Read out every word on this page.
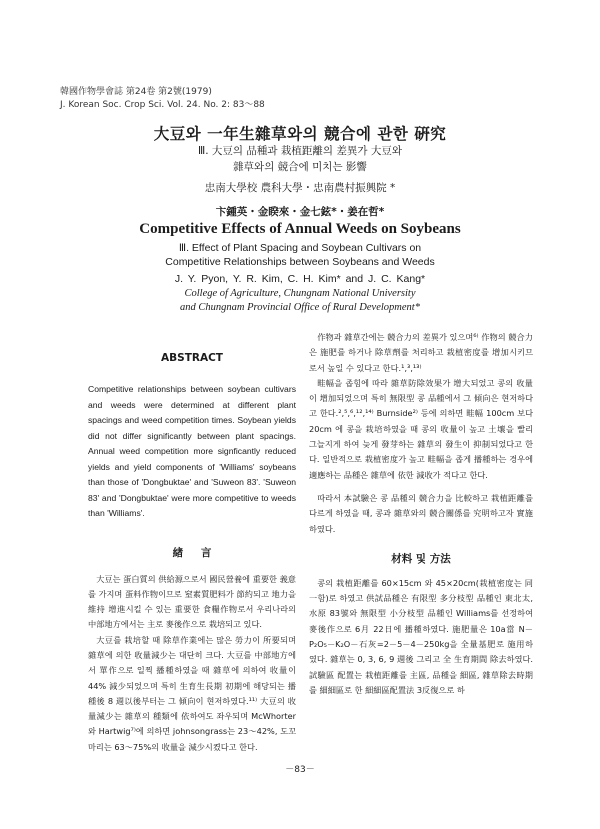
韓國作物學會誌 第24卷 第2號(1979)
J. Korean Soc. Crop Sci. Vol. 24. No. 2: 83～88
大豆와 一年生雜草와의 競合에 관한 硏究
Ⅲ. 大豆의 品種과 栽植距離의 差異가 大豆와
雜草와의 競合에 미치는 影響
忠南大學校 農科大學・忠南農村振興院 *
卞鍾英・金睽來・金七鉉*・姜在哲*
Competitive Effects of Annual Weeds on Soybeans
Ⅲ. Effect of Plant Spacing and Soybean Cultivars on
Competitive Relationships between Soybeans and Weeds
J. Y. Pyon, Y. R. Kim, C. H. Kim* and J. C. Kang*
College of Agriculture, Chungnam National University
and Chungnam Provincial Office of Rural Development*
ABSTRACT

Competitive relationships between soybean cultivars and weeds were determined at different plant spacings and weed competition times. Soybean yields did not differ significantly between plant spacings. Annual weed competition more signficantly reduced yields and yield components of 'Williams' soybeans than those of 'Dongbuktae' and 'Suweon 83'. 'Suweon 83' and 'Dongbuktae' were more competitive to weeds than 'Williams'.

緖 言

大豆는 蛋白質의 供給源으로서 國民營養에 重要한 義意를 가지며 蛋料作物이므로 窒素質肥料가 節約되고 地力을 維持 增進시킬 수 있는 重要한 食糧作物로서 우리나라의 中部地方에서는 主로 麥後作으로 栽培되고 있다.

大豆를 栽培할 때 除草作業에는 많은 勞力이 所要되며 雜草에 의한 收量減少는 대단히 크다. 大豆를 中部地方에서 單作으로 일찍 播種하였을 때 雜草에 의하여 收量이 44% 減少되었으며 특히 生育生長期 初期에 해당되는 播種後 8 週以後부터는 그 傾向이 현저하였다.¹¹⁾ 大豆의 收量減少는 雜草의 種類에 依하여도 좌우되며 McWhorter와 Hartwig⁷⁾에 의하면 johnsongrass는 23～42%, 도꼬마리는 63～75%의 收量을 減少시켰다고 한다.

作物과 雜草간에는 競合力의 差異가 있으며⁶⁾ 作物의 競合力은 施肥를 하거나 除草劑를 처리하고 栽植密度를 增加시키므로서 높일 수 있다고 한다.¹‚³‚¹³⁾

畦幅을 좁힘에 따라 雜草防除效果가 增大되었고 콩의 收量이 增加되었으며 특히 無限型 콩 品種에서 그 傾向은 현저하다고 한다.²‚⁵‚⁶‚¹²‚¹⁴⁾ Burnside²⁾ 등에 의하면 畦幅 100cm 보다 20cm 에 콩을 栽培하였을 때 콩의 收量이 높고 土壤을 빨리 그늘지게 하여 늦게 發芽하는 雜草의 發生이 抑制되었다고 한다. 일반적으로 栽植密度가 높고 畦幅을 좁게 播種하는 경우에 適應하는 品種은 雜草에 依한 減收가 적다고 한다.

따라서 本試驗은 콩 品種의 競合力을 比較하고 栽植距離를 다르게 하였을 때, 콩과 雜草와의 競合關係를 究明하고자 實施하였다.

材料 및 方法

콩의 栽植距離를 60×15cm 와 45×20cm(栽植密度는 同一함)로 하였고 供試品種은 有限型 多分枝型 品種인 東北太, 水原 83號와 無限型 小分枝型 品種인 Williams를 선정하여 麥後作으로 6月 22日에 播種하였다. 施肥量은 10a當 N－P₂O₅－K₂O－石灰=2－5－4－250kg을 全量基肥로 施用하였다. 雜草는 0, 3, 6, 9 週後 그리고 全 生育期間 除去하였다. 試驗區 配置는 栽植距離를 主區, 品種을 細區, 雜草除去時期를 細細區로 한 細細區配置法 3反復으로 하

－83－
